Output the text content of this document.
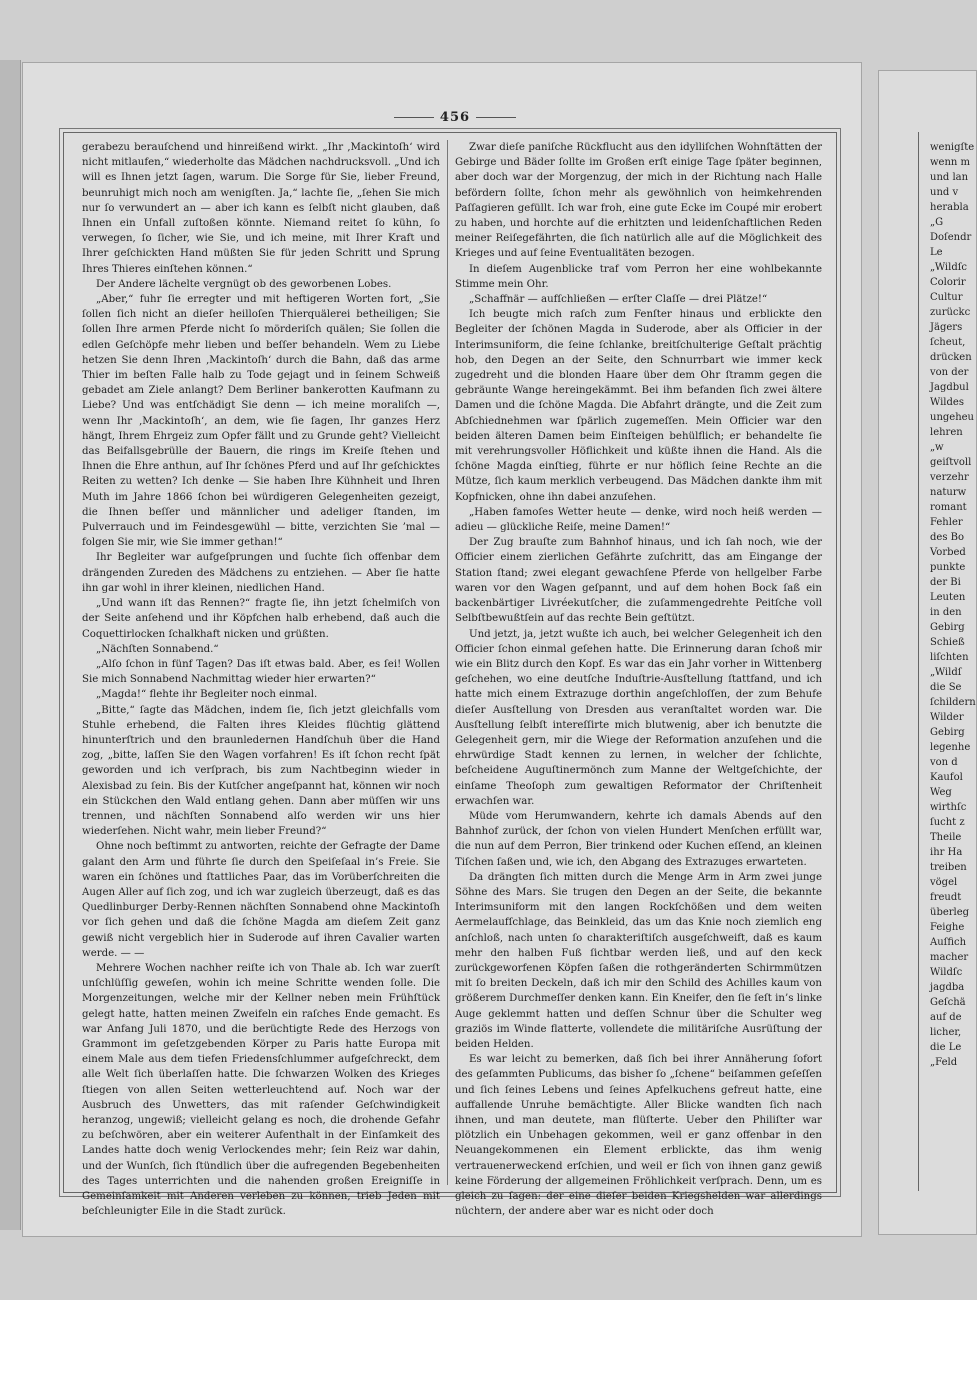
456

gerabezu berauſchend und hinreißend wirkt. „Ihr ‚Mackintoſh‘ wird nicht mitlaufen,“ wiederholte das Mädchen nachdrucksvoll. „Und ich will es Ihnen jetzt ſagen, warum. Die Sorge für Sie, lieber Freund, beunruhigt mich noch am wenigſten. Ja,“ lachte ſie, „ſehen Sie mich nur ſo verwundert an — aber ich kann es ſelbſt nicht glauben, daß Ihnen ein Unfall zuſtoßen könnte. Niemand reitet ſo kühn, ſo verwegen, ſo ſicher, wie Sie, und ich meine, mit Ihrer Kraft und Ihrer geſchickten Hand müßten Sie für jeden Schritt und Sprung Ihres Thieres einſtehen können.“

Der Andere lächelte vergnügt ob des geworbenen Lobes.

„Aber,“ fuhr ſie erregter und mit heftigeren Worten fort, „Sie ſollen ſich nicht an dieſer heilloſen Thierquälerei betheiligen; Sie ſollen Ihre armen Pferde nicht ſo mörderiſch quälen; Sie ſollen die edlen Geſchöpfe mehr lieben und beſſer behandeln. Wem zu Liebe hetzen Sie denn Ihren ‚Mackintoſh‘ durch die Bahn, daß das arme Thier im beſten Falle halb zu Tode gejagt und in ſeinem Schweiß gebadet am Ziele anlangt? Dem Berliner bankerotten Kaufmann zu Liebe? Und was entſchädigt Sie denn — ich meine moraliſch —, wenn Ihr ‚Mackintoſh‘, an dem, wie ſie ſagen, Ihr ganzes Herz hängt, Ihrem Ehrgeiz zum Opfer fällt und zu Grunde geht? Vielleicht das Beifallsgebrülle der Bauern, die rings im Kreiſe ſtehen und Ihnen die Ehre anthun, auf Ihr ſchönes Pferd und auf Ihr geſchicktes Reiten zu wetten? Ich denke — Sie haben Ihre Kühnheit und Ihren Muth im Jahre 1866 ſchon bei würdigeren Gelegenheiten gezeigt, die Ihnen beſſer und männlicher und adeliger ſtanden, im Pulverrauch und im Feindesgewühl — bitte, verzichten Sie ’mal — folgen Sie mir, wie Sie immer gethan!“

Ihr Begleiter war aufgeſprungen und ſuchte ſich offenbar dem drängenden Zureden des Mädchens zu entziehen. — Aber ſie hatte ihn gar wohl in ihrer kleinen, niedlichen Hand.

„Und wann iſt das Rennen?“ fragte ſie, ihn jetzt ſchelmiſch von der Seite anſehend und ihr Köpfchen halb erhebend, daß auch die Coquettirlocken ſchalkhaft nicken und grüßten.

„Nächſten Sonnabend.“

„Alſo ſchon in fünf Tagen? Das iſt etwas bald. Aber, es ſei! Wollen Sie mich Sonnabend Nachmittag wieder hier erwarten?“

„Magda!“ flehte ihr Begleiter noch einmal.

„Bitte,“ ſagte das Mädchen, indem ſie, ſich jetzt gleichfalls vom Stuhle erhebend, die Falten ihres Kleides flüchtig glättend hinunterſtrich und den braunledernen Handſchuh über die Hand zog, „bitte, laſſen Sie den Wagen vorfahren! Es iſt ſchon recht ſpät geworden und ich verſprach, bis zum Nachtbeginn wieder in Alexisbad zu ſein. Bis der Kutſcher angeſpannt hat, können wir noch ein Stückchen den Wald entlang gehen. Dann aber müſſen wir uns trennen, und nächſten Sonnabend alſo werden wir uns hier wiederſehen. Nicht wahr, mein lieber Freund?“

Ohne noch beſtimmt zu antworten, reichte der Gefragte der Dame galant den Arm und führte ſie durch den Speiſeſaal in’s Freie. Sie waren ein ſchönes und ſtattliches Paar, das im Vorüberſchreiten die Augen Aller auf ſich zog, und ich war zugleich überzeugt, daß es das Quedlinburger Derby-Rennen nächſten Sonnabend ohne Mackintoſh vor ſich gehen und daß die ſchöne Magda am dieſem Zeit ganz gewiß nicht vergeblich hier in Suderode auf ihren Cavalier warten werde. — —

Mehrere Wochen nachher reiſte ich von Thale ab. Ich war zuerſt unſchlüſſig geweſen, wohin ich meine Schritte wenden ſolle. Die Morgenzeitungen, welche mir der Kellner neben mein Frühſtück gelegt hatte, hatten meinen Zweifeln ein raſches Ende gemacht. Es war Anfang Juli 1870, und die berüchtigte Rede des Herzogs von Grammont im geſetzgebenden Körper zu Paris hatte Europa mit einem Male aus dem tiefen Friedensſchlummer aufgeſchreckt, dem alle Welt ſich überlaſſen hatte. Die ſchwarzen Wolken des Krieges ſtiegen von allen Seiten wetterleuchtend auf. Noch war der Ausbruch des Unwetters, das mit raſender Geſchwindigkeit heranzog, ungewiß; vielleicht gelang es noch, die drohende Gefahr zu beſchwören, aber ein weiterer Aufenthalt in der Einſamkeit des Landes hatte doch wenig Verlockendes mehr; ſein Reiz war dahin, und der Wunſch, ſich ſtündlich über die aufregenden Begebenheiten des Tages unterrichten und die nahenden großen Ereigniſſe in Gemeinſamkeit mit Anderen verleben zu können, trieb Jeden mit beſchleunigter Eile in die Stadt zurück.

Zwar dieſe paniſche Rückflucht aus den idylliſchen Wohnſtätten der Gebirge und Bäder ſollte im Großen erſt einige Tage ſpäter beginnen, aber doch war der Morgenzug, der mich in der Richtung nach Halle befördern ſollte, ſchon mehr als gewöhnlich von heimkehrenden Paſſagieren gefüllt. Ich war froh, eine gute Ecke im Coupé mir erobert zu haben, und horchte auf die erhitzten und leidenſchaftlichen Reden meiner Reiſegefährten, die ſich natürlich alle auf die Möglichkeit des Krieges und auf ſeine Eventualitäten bezogen.

In dieſem Augenblicke traf vom Perron her eine wohlbekannte Stimme mein Ohr.

„Schaffnär — aufſchließen — erſter Claſſe — drei Plätze!“

Ich beugte mich raſch zum Fenſter hinaus und erblickte den Begleiter der ſchönen Magda in Suderode, aber als Officier in der Interimsuniform, die ſeine ſchlanke, breitſchulterige Geſtalt prächtig hob, den Degen an der Seite, den Schnurrbart wie immer keck zugedreht und die blonden Haare über dem Ohr ſtramm gegen die gebräunte Wange hereingekämmt. Bei ihm befanden ſich zwei ältere Damen und die ſchöne Magda. Die Abfahrt drängte, und die Zeit zum Abſchiednehmen war ſpärlich zugemeſſen. Mein Officier war den beiden älteren Damen beim Einſteigen behülflich; er behandelte ſie mit verehrungsvoller Höflichkeit und küßte ihnen die Hand. Als die ſchöne Magda einſtieg, führte er nur höflich ſeine Rechte an die Mütze, ſich kaum merklich verbeugend. Das Mädchen dankte ihm mit Kopfnicken, ohne ihn dabei anzuſehen.

„Haben famoſes Wetter heute — denke, wird noch heiß werden — adieu — glückliche Reiſe, meine Damen!“

Der Zug brauſte zum Bahnhof hinaus, und ich ſah noch, wie der Officier einem zierlichen Gefährte zuſchritt, das am Eingange der Station ſtand; zwei elegant gewachſene Pferde von hellgelber Farbe waren vor den Wagen geſpannt, und auf dem hohen Bock ſaß ein backenbärtiger Livréekutſcher, die zuſammengedrehte Peitſche voll Selbſtbewußtſein auf das rechte Bein geſtützt.

Und jetzt, ja, jetzt wußte ich auch, bei welcher Gelegenheit ich den Officier ſchon einmal geſehen hatte. Die Erinnerung daran ſchoß mir wie ein Blitz durch den Kopf. Es war das ein Jahr vorher in Wittenberg geſchehen, wo eine deutſche Induſtrie-Ausſtellung ſtattfand, und ich hatte mich einem Extrazuge dorthin angeſchloſſen, der zum Behufe dieſer Ausſtellung von Dresden aus veranſtaltet worden war. Die Ausſtellung ſelbſt intereſſirte mich blutwenig, aber ich benutzte die Gelegenheit gern, mir die Wiege der Reformation anzuſehen und die ehrwürdige Stadt kennen zu lernen, in welcher der ſchlichte, beſcheidene Auguſtinermönch zum Manne der Weltgeſchichte, der einſame Theoſoph zum gewaltigen Reformator der Chriſtenheit erwachſen war.

Müde vom Herumwandern, kehrte ich damals Abends auf den Bahnhof zurück, der ſchon von vielen Hundert Menſchen erfüllt war, die nun auf dem Perron, Bier trinkend oder Kuchen eſſend, an kleinen Tiſchen ſaßen und, wie ich, den Abgang des Extrazuges erwarteten.

Da drängten ſich mitten durch die Menge Arm in Arm zwei junge Söhne des Mars. Sie trugen den Degen an der Seite, die bekannte Interimsuniform mit den langen Rockſchößen und dem weiten Aermelaufſchlage, das Beinkleid, das um das Knie noch ziemlich eng anſchloß, nach unten ſo charakteriſtiſch ausgeſchweift, daß es kaum mehr den halben Fuß ſichtbar werden ließ, und auf den keck zurückgeworfenen Köpfen ſaßen die rothgeränderten Schirmmützen mit ſo breiten Deckeln, daß ich mir den Schild des Achilles kaum von größerem Durchmeſſer denken kann. Ein Kneifer, den ſie ſeſt in’s linke Auge geklemmt hatten und deſſen Schnur über die Schulter weg graziös im Winde flatterte, vollendete die militäriſche Ausrüſtung der beiden Helden.

Es war leicht zu bemerken, daß ſich bei ihrer Annäherung ſofort des geſammten Publicums, das bisher ſo „ſchene“ beiſammen geſeſſen und ſich ſeines Lebens und ſeines Apfelkuchens gefreut hatte, eine auffallende Unruhe bemächtigte. Aller Blicke wandten ſich nach ihnen, und man deutete, man flüſterte. Ueber den Philiſter war plötzlich ein Unbehagen gekommen, weil er ganz offenbar in den Neuangekommenen ein Element erblickte, das ihm wenig vertrauenerweckend erſchien, und weil er ſich von ihnen ganz gewiß keine Förderung der allgemeinen Fröhlichkeit verſprach. Denn, um es gleich zu ſagen: der eine dieſer beiden Kriegshelden war allerdings nüchtern, der andere aber war es nicht oder doch

wenigſte

wenn m

und lan

und v

herabla

„G

Doſendr

Le

„Wildſc

Colorir

Cultur

zurückc

Jägers

ſcheut,

drücken

von der

Jagdbul

Wildes

ungeheu

lehren

„w

geiſtvoll

verzehr

naturw

romant

Fehler

des Bo

Vorbed

punkte

der Bi

Leuten

in den

Gebirg

Schieß

liſchten

„Wildſ

die Se

ſchildern

Wilder

Gebirg

legenhe

von d

Kaufol

Weg

wirthſc

ſucht z

Theile

ihr Ha

treiben

vögel

freudt

überleg

Feighe

Auſfich

macher

Wildſc

jagdba

Geſchä

auf de

licher,

die Le

„Feld
